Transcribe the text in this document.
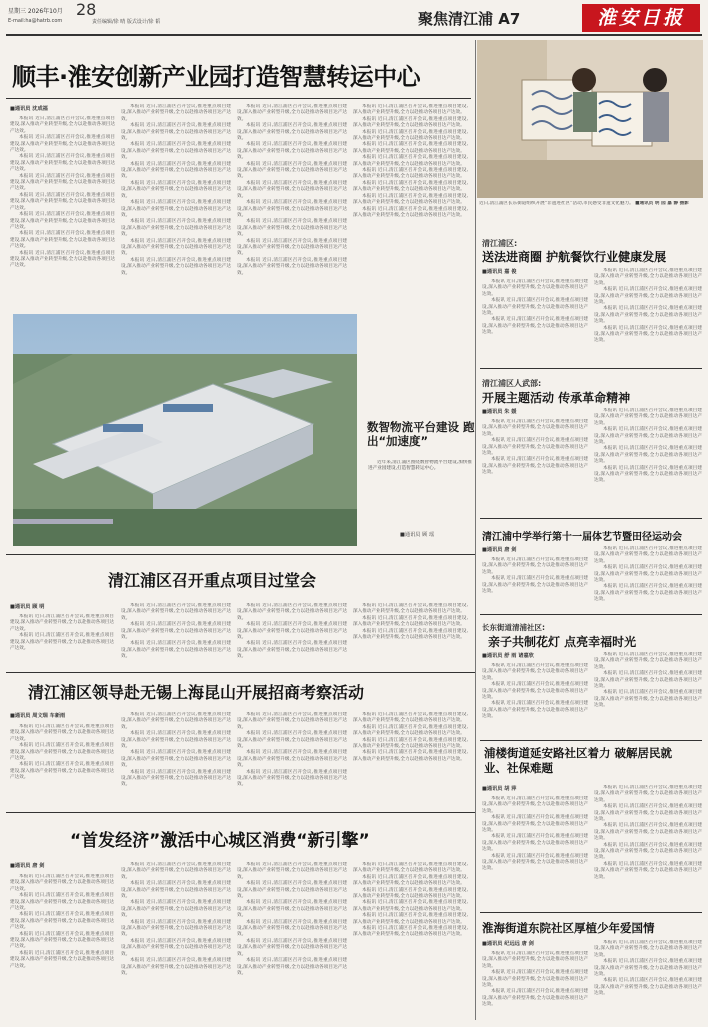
星期三 2026年10月 28
E-mail:ha@hatrb.com	责任编辑/徐 晴 版式设计/徐 韬	聚焦清江浦 A7	淮安日报
顺丰·淮安创新产业园打造智慧转运中心
■通讯员 沈成福

本报讯 近日,清江浦区召开会议,推进重点项目建设,深入推动产业转型升级,全力以赴推动各项目达产达效。

本报讯 近日,清江浦区召开会议,推进重点项目建设,深入推动产业转型升级,全力以赴推动各项目达产达效。

本报讯 近日,清江浦区召开会议,推进重点项目建设,深入推动产业转型升级,全力以赴推动各项目达产达效。

本报讯 近日,清江浦区召开会议,推进重点项目建设,深入推动产业转型升级,全力以赴推动各项目达产达效。

本报讯 近日,清江浦区召开会议,推进重点项目建设,深入推动产业转型升级,全力以赴推动各项目达产达效。

本报讯 近日,清江浦区召开会议,推进重点项目建设,深入推动产业转型升级,全力以赴推动各项目达产达效。

本报讯 近日,清江浦区召开会议,推进重点项目建设,深入推动产业转型升级,全力以赴推动各项目达产达效。

本报讯 近日,清江浦区召开会议,推进重点项目建设,深入推动产业转型升级,全力以赴推动各项目达产达效。

本报讯 近日,清江浦区召开会议,推进重点项目建设,深入推动产业转型升级,全力以赴推动各项目达产达效。

本报讯 近日,清江浦区召开会议,推进重点项目建设,深入推动产业转型升级,全力以赴推动各项目达产达效。

本报讯 近日,清江浦区召开会议,推进重点项目建设,深入推动产业转型升级,全力以赴推动各项目达产达效。

本报讯 近日,清江浦区召开会议,推进重点项目建设,深入推动产业转型升级,全力以赴推动各项目达产达效。

本报讯 近日,清江浦区召开会议,推进重点项目建设,深入推动产业转型升级,全力以赴推动各项目达产达效。

本报讯 近日,清江浦区召开会议,推进重点项目建设,深入推动产业转型升级,全力以赴推动各项目达产达效。

本报讯 近日,清江浦区召开会议,推进重点项目建设,深入推动产业转型升级,全力以赴推动各项目达产达效。

本报讯 近日,清江浦区召开会议,推进重点项目建设,深入推动产业转型升级,全力以赴推动各项目达产达效。

本报讯 近日,清江浦区召开会议,推进重点项目建设,深入推动产业转型升级,全力以赴推动各项目达产达效。

本报讯 近日,清江浦区召开会议,推进重点项目建设,深入推动产业转型升级,全力以赴推动各项目达产达效。

本报讯 近日,清江浦区召开会议,推进重点项目建设,深入推动产业转型升级,全力以赴推动各项目达产达效。

本报讯 近日,清江浦区召开会议,推进重点项目建设,深入推动产业转型升级,全力以赴推动各项目达产达效。

本报讯 近日,清江浦区召开会议,推进重点项目建设,深入推动产业转型升级,全力以赴推动各项目达产达效。

本报讯 近日,清江浦区召开会议,推进重点项目建设,深入推动产业转型升级,全力以赴推动各项目达产达效。

本报讯 近日,清江浦区召开会议,推进重点项目建设,深入推动产业转型升级,全力以赴推动各项目达产达效。

本报讯 近日,清江浦区召开会议,推进重点项目建设,深入推动产业转型升级,全力以赴推动各项目达产达效。

本报讯 近日,清江浦区召开会议,推进重点项目建设,深入推动产业转型升级,全力以赴推动各项目达产达效。

本报讯 近日,清江浦区召开会议,推进重点项目建设,深入推动产业转型升级,全力以赴推动各项目达产达效。

本报讯 近日,清江浦区召开会议,推进重点项目建设,深入推动产业转型升级,全力以赴推动各项目达产达效。

本报讯 近日,清江浦区召开会议,推进重点项目建设,深入推动产业转型升级,全力以赴推动各项目达产达效。

本报讯 近日,清江浦区召开会议,推进重点项目建设,深入推动产业转型升级,全力以赴推动各项目达产达效。

本报讯 近日,清江浦区召开会议,推进重点项目建设,深入推动产业转型升级,全力以赴推动各项目达产达效。

本报讯 近日,清江浦区召开会议,推进重点项目建设,深入推动产业转型升级,全力以赴推动各项目达产达效。

本报讯 近日,清江浦区召开会议,推进重点项目建设,深入推动产业转型升级,全力以赴推动各项目达产达效。

本报讯 近日,清江浦区召开会议,推进重点项目建设,深入推动产业转型升级,全力以赴推动各项目达产达效。

本报讯 近日,清江浦区召开会议,推进重点项目建设,深入推动产业转型升级,全力以赴推动各项目达产达效。

本报讯 近日,清江浦区召开会议,推进重点项目建设,深入推动产业转型升级,全力以赴推动各项目达产达效。

近日,清江浦区长东街道组织开展“非遗进社区”活动,市民感受非遗文化魅力。 ■通讯员 明 园 嘉 静 摄影
数智物流平台建设 跑出“加速度”

近年来,清江浦区围绕数智物流平台建设,加快推进产业园建设,打造智慧转运中心。

■通讯员 顾 瑶
清江浦区召开重点项目过堂会
■通讯员 顾 明

本报讯 近日,清江浦区召开会议,推进重点项目建设,深入推动产业转型升级,全力以赴推动各项目达产达效。

本报讯 近日,清江浦区召开会议,推进重点项目建设,深入推动产业转型升级,全力以赴推动各项目达产达效。

本报讯 近日,清江浦区召开会议,推进重点项目建设,深入推动产业转型升级,全力以赴推动各项目达产达效。

本报讯 近日,清江浦区召开会议,推进重点项目建设,深入推动产业转型升级,全力以赴推动各项目达产达效。

本报讯 近日,清江浦区召开会议,推进重点项目建设,深入推动产业转型升级,全力以赴推动各项目达产达效。

本报讯 近日,清江浦区召开会议,推进重点项目建设,深入推动产业转型升级,全力以赴推动各项目达产达效。

本报讯 近日,清江浦区召开会议,推进重点项目建设,深入推动产业转型升级,全力以赴推动各项目达产达效。

本报讯 近日,清江浦区召开会议,推进重点项目建设,深入推动产业转型升级,全力以赴推动各项目达产达效。

本报讯 近日,清江浦区召开会议,推进重点项目建设,深入推动产业转型升级,全力以赴推动各项目达产达效。

本报讯 近日,清江浦区召开会议,推进重点项目建设,深入推动产业转型升级,全力以赴推动各项目达产达效。

本报讯 近日,清江浦区召开会议,推进重点项目建设,深入推动产业转型升级,全力以赴推动各项目达产达效。

清江浦区领导赴无锡上海昆山开展招商考察活动
■通讯员 周文瑞 车新雨

本报讯 近日,清江浦区召开会议,推进重点项目建设,深入推动产业转型升级,全力以赴推动各项目达产达效。

本报讯 近日,清江浦区召开会议,推进重点项目建设,深入推动产业转型升级,全力以赴推动各项目达产达效。

本报讯 近日,清江浦区召开会议,推进重点项目建设,深入推动产业转型升级,全力以赴推动各项目达产达效。

本报讯 近日,清江浦区召开会议,推进重点项目建设,深入推动产业转型升级,全力以赴推动各项目达产达效。

本报讯 近日,清江浦区召开会议,推进重点项目建设,深入推动产业转型升级,全力以赴推动各项目达产达效。

本报讯 近日,清江浦区召开会议,推进重点项目建设,深入推动产业转型升级,全力以赴推动各项目达产达效。

本报讯 近日,清江浦区召开会议,推进重点项目建设,深入推动产业转型升级,全力以赴推动各项目达产达效。

本报讯 近日,清江浦区召开会议,推进重点项目建设,深入推动产业转型升级,全力以赴推动各项目达产达效。

本报讯 近日,清江浦区召开会议,推进重点项目建设,深入推动产业转型升级,全力以赴推动各项目达产达效。

本报讯 近日,清江浦区召开会议,推进重点项目建设,深入推动产业转型升级,全力以赴推动各项目达产达效。

本报讯 近日,清江浦区召开会议,推进重点项目建设,深入推动产业转型升级,全力以赴推动各项目达产达效。

本报讯 近日,清江浦区召开会议,推进重点项目建设,深入推动产业转型升级,全力以赴推动各项目达产达效。

本报讯 近日,清江浦区召开会议,推进重点项目建设,深入推动产业转型升级,全力以赴推动各项目达产达效。

本报讯 近日,清江浦区召开会议,推进重点项目建设,深入推动产业转型升级,全力以赴推动各项目达产达效。

本报讯 近日,清江浦区召开会议,推进重点项目建设,深入推动产业转型升级,全力以赴推动各项目达产达效。

“首发经济”激活中心城区消费“新引擎”
■通讯员 唐 剑

本报讯 近日,清江浦区召开会议,推进重点项目建设,深入推动产业转型升级,全力以赴推动各项目达产达效。

本报讯 近日,清江浦区召开会议,推进重点项目建设,深入推动产业转型升级,全力以赴推动各项目达产达效。

本报讯 近日,清江浦区召开会议,推进重点项目建设,深入推动产业转型升级,全力以赴推动各项目达产达效。

本报讯 近日,清江浦区召开会议,推进重点项目建设,深入推动产业转型升级,全力以赴推动各项目达产达效。

本报讯 近日,清江浦区召开会议,推进重点项目建设,深入推动产业转型升级,全力以赴推动各项目达产达效。

本报讯 近日,清江浦区召开会议,推进重点项目建设,深入推动产业转型升级,全力以赴推动各项目达产达效。

本报讯 近日,清江浦区召开会议,推进重点项目建设,深入推动产业转型升级,全力以赴推动各项目达产达效。

本报讯 近日,清江浦区召开会议,推进重点项目建设,深入推动产业转型升级,全力以赴推动各项目达产达效。

本报讯 近日,清江浦区召开会议,推进重点项目建设,深入推动产业转型升级,全力以赴推动各项目达产达效。

本报讯 近日,清江浦区召开会议,推进重点项目建设,深入推动产业转型升级,全力以赴推动各项目达产达效。

本报讯 近日,清江浦区召开会议,推进重点项目建设,深入推动产业转型升级,全力以赴推动各项目达产达效。

本报讯 近日,清江浦区召开会议,推进重点项目建设,深入推动产业转型升级,全力以赴推动各项目达产达效。

本报讯 近日,清江浦区召开会议,推进重点项目建设,深入推动产业转型升级,全力以赴推动各项目达产达效。

本报讯 近日,清江浦区召开会议,推进重点项目建设,深入推动产业转型升级,全力以赴推动各项目达产达效。

本报讯 近日,清江浦区召开会议,推进重点项目建设,深入推动产业转型升级,全力以赴推动各项目达产达效。

本报讯 近日,清江浦区召开会议,推进重点项目建设,深入推动产业转型升级,全力以赴推动各项目达产达效。

本报讯 近日,清江浦区召开会议,推进重点项目建设,深入推动产业转型升级,全力以赴推动各项目达产达效。

本报讯 近日,清江浦区召开会议,推进重点项目建设,深入推动产业转型升级,全力以赴推动各项目达产达效。

本报讯 近日,清江浦区召开会议,推进重点项目建设,深入推动产业转型升级,全力以赴推动各项目达产达效。

本报讯 近日,清江浦区召开会议,推进重点项目建设,深入推动产业转型升级,全力以赴推动各项目达产达效。

本报讯 近日,清江浦区召开会议,推进重点项目建设,深入推动产业转型升级,全力以赴推动各项目达产达效。

本报讯 近日,清江浦区召开会议,推进重点项目建设,深入推动产业转型升级,全力以赴推动各项目达产达效。

本报讯 近日,清江浦区召开会议,推进重点项目建设,深入推动产业转型升级,全力以赴推动各项目达产达效。

清江浦区:
送法进商圈 护航餐饮行业健康发展
■通讯员 嘉 俊

本报讯 近日,清江浦区召开会议,推进重点项目建设,深入推动产业转型升级,全力以赴推动各项目达产达效。

本报讯 近日,清江浦区召开会议,推进重点项目建设,深入推动产业转型升级,全力以赴推动各项目达产达效。

本报讯 近日,清江浦区召开会议,推进重点项目建设,深入推动产业转型升级,全力以赴推动各项目达产达效。

本报讯 近日,清江浦区召开会议,推进重点项目建设,深入推动产业转型升级,全力以赴推动各项目达产达效。

本报讯 近日,清江浦区召开会议,推进重点项目建设,深入推动产业转型升级,全力以赴推动各项目达产达效。

本报讯 近日,清江浦区召开会议,推进重点项目建设,深入推动产业转型升级,全力以赴推动各项目达产达效。

本报讯 近日,清江浦区召开会议,推进重点项目建设,深入推动产业转型升级,全力以赴推动各项目达产达效。

清江浦区人武部:
开展主题活动 传承革命精神
■通讯员 朱 媛

本报讯 近日,清江浦区召开会议,推进重点项目建设,深入推动产业转型升级,全力以赴推动各项目达产达效。

本报讯 近日,清江浦区召开会议,推进重点项目建设,深入推动产业转型升级,全力以赴推动各项目达产达效。

本报讯 近日,清江浦区召开会议,推进重点项目建设,深入推动产业转型升级,全力以赴推动各项目达产达效。

本报讯 近日,清江浦区召开会议,推进重点项目建设,深入推动产业转型升级,全力以赴推动各项目达产达效。

本报讯 近日,清江浦区召开会议,推进重点项目建设,深入推动产业转型升级,全力以赴推动各项目达产达效。

本报讯 近日,清江浦区召开会议,推进重点项目建设,深入推动产业转型升级,全力以赴推动各项目达产达效。

本报讯 近日,清江浦区召开会议,推进重点项目建设,深入推动产业转型升级,全力以赴推动各项目达产达效。

清江浦中学举行第十一届体艺节暨田径运动会
■通讯员 唐 剑

本报讯 近日,清江浦区召开会议,推进重点项目建设,深入推动产业转型升级,全力以赴推动各项目达产达效。

本报讯 近日,清江浦区召开会议,推进重点项目建设,深入推动产业转型升级,全力以赴推动各项目达产达效。

本报讯 近日,清江浦区召开会议,推进重点项目建设,深入推动产业转型升级,全力以赴推动各项目达产达效。

本报讯 近日,清江浦区召开会议,推进重点项目建设,深入推动产业转型升级,全力以赴推动各项目达产达效。

本报讯 近日,清江浦区召开会议,推进重点项目建设,深入推动产业转型升级,全力以赴推动各项目达产达效。

长东街道清浦社区:
亲子共制花灯 点亮幸福时光
■通讯员 舒 雨 诸嘉欣

本报讯 近日,清江浦区召开会议,推进重点项目建设,深入推动产业转型升级,全力以赴推动各项目达产达效。

本报讯 近日,清江浦区召开会议,推进重点项目建设,深入推动产业转型升级,全力以赴推动各项目达产达效。

本报讯 近日,清江浦区召开会议,推进重点项目建设,深入推动产业转型升级,全力以赴推动各项目达产达效。

本报讯 近日,清江浦区召开会议,推进重点项目建设,深入推动产业转型升级,全力以赴推动各项目达产达效。

本报讯 近日,清江浦区召开会议,推进重点项目建设,深入推动产业转型升级,全力以赴推动各项目达产达效。

本报讯 近日,清江浦区召开会议,推进重点项目建设,深入推动产业转型升级,全力以赴推动各项目达产达效。

浦楼街道延安路社区着力 破解居民就业、社保难题
■通讯员 胡 萍

本报讯 近日,清江浦区召开会议,推进重点项目建设,深入推动产业转型升级,全力以赴推动各项目达产达效。

本报讯 近日,清江浦区召开会议,推进重点项目建设,深入推动产业转型升级,全力以赴推动各项目达产达效。

本报讯 近日,清江浦区召开会议,推进重点项目建设,深入推动产业转型升级,全力以赴推动各项目达产达效。

本报讯 近日,清江浦区召开会议,推进重点项目建设,深入推动产业转型升级,全力以赴推动各项目达产达效。

本报讯 近日,清江浦区召开会议,推进重点项目建设,深入推动产业转型升级,全力以赴推动各项目达产达效。

本报讯 近日,清江浦区召开会议,推进重点项目建设,深入推动产业转型升级,全力以赴推动各项目达产达效。

本报讯 近日,清江浦区召开会议,推进重点项目建设,深入推动产业转型升级,全力以赴推动各项目达产达效。

本报讯 近日,清江浦区召开会议,推进重点项目建设,深入推动产业转型升级,全力以赴推动各项目达产达效。

本报讯 近日,清江浦区召开会议,推进重点项目建设,深入推动产业转型升级,全力以赴推动各项目达产达效。

淮海街道东院社区厚植少年爱国情
■通讯员 纪远远 唐 剑

本报讯 近日,清江浦区召开会议,推进重点项目建设,深入推动产业转型升级,全力以赴推动各项目达产达效。

本报讯 近日,清江浦区召开会议,推进重点项目建设,深入推动产业转型升级,全力以赴推动各项目达产达效。

本报讯 近日,清江浦区召开会议,推进重点项目建设,深入推动产业转型升级,全力以赴推动各项目达产达效。

本报讯 近日,清江浦区召开会议,推进重点项目建设,深入推动产业转型升级,全力以赴推动各项目达产达效。

本报讯 近日,清江浦区召开会议,推进重点项目建设,深入推动产业转型升级,全力以赴推动各项目达产达效。

本报讯 近日,清江浦区召开会议,推进重点项目建设,深入推动产业转型升级,全力以赴推动各项目达产达效。
